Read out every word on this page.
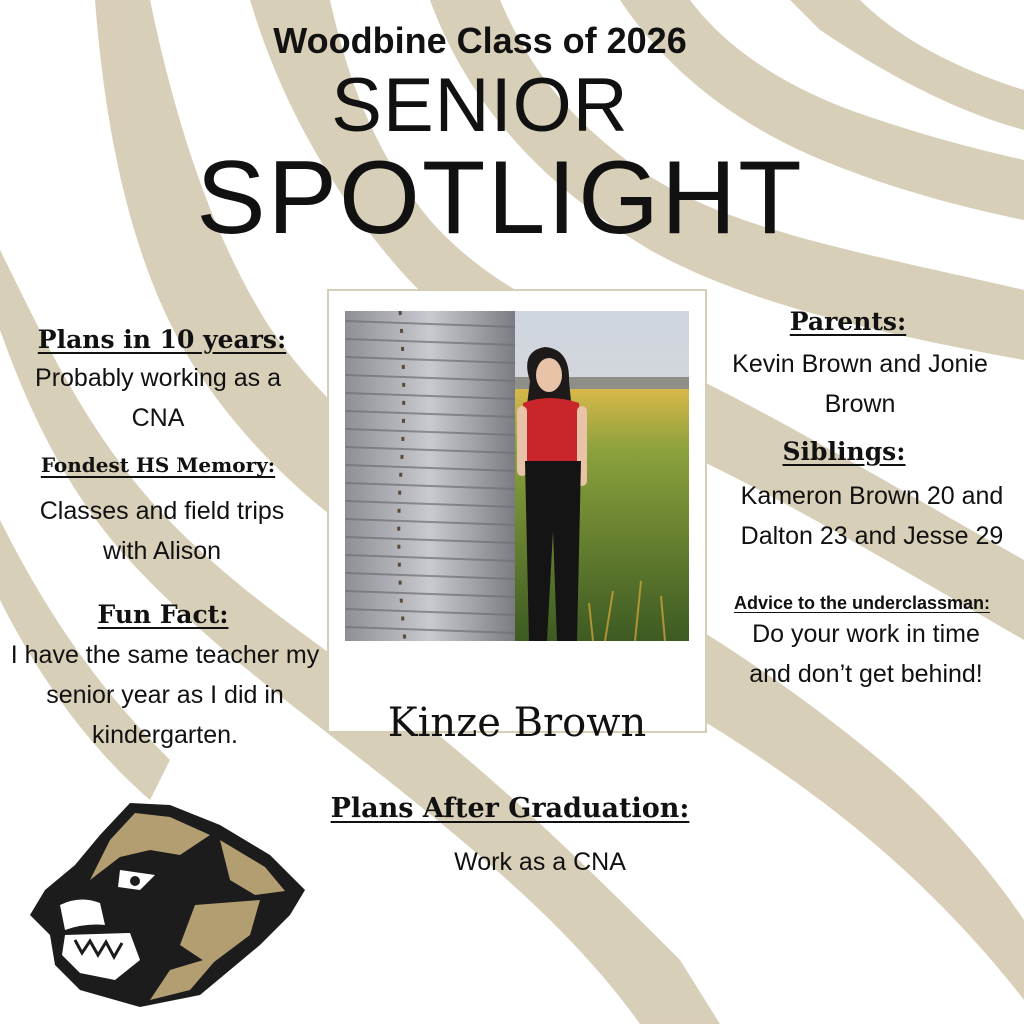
Woodbine Class of 2026

SENIOR

SPOTLIGHT

Plans in 10 years:

Probably working as a CNA

Fondest HS Memory:

Classes and field trips with Alison

Fun Fact:

I have the same teacher my senior year as I did in kindergarten.

Parents:

Kevin Brown and Jonie Brown

Siblings:

Kameron Brown 20 and Dalton 23 and Jesse 29

Advice to the underclassman:

Do your work in time and don’t get behind!

Kinze Brown

Plans After Graduation:

Work as a CNA
